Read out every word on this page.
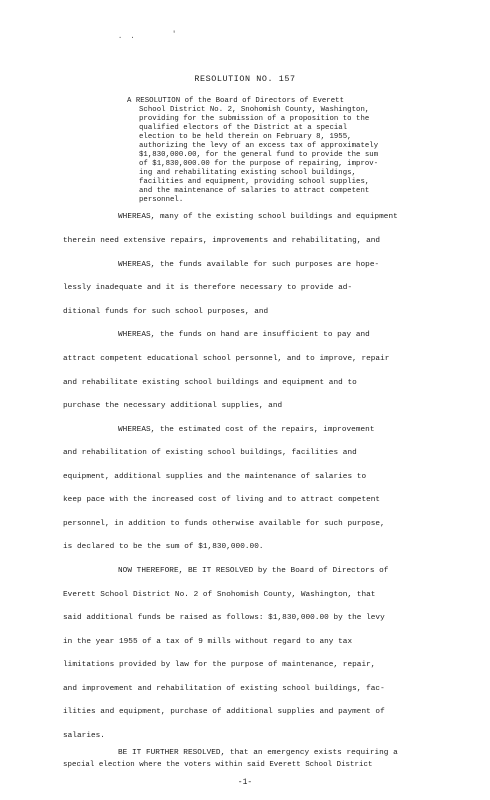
. .	'
RESOLUTION NO. 157
A RESOLUTION of the Board of Directors of Everett
School District No. 2, Snohomish County, Washington,
providing for the submission of a proposition to the
qualified electors of the District at a special
election to be held therein on February 8, 1955,
authorizing the levy of an excess tax of approximately
$1,830,000.00, for the general fund to provide the sum
of $1,830,000.00 for the purpose of repairing, improv-
ing and rehabilitating existing school buildings,
facilities and equipment, providing school supplies,
and the maintenance of salaries to attract competent
personnel.
WHEREAS, many of the existing school buildings and equipment
therein need extensive repairs, improvements and rehabilitating, and
WHEREAS, the funds available for such purposes are hope-
lessly inadequate and it is therefore necessary to provide ad-
ditional funds for such school purposes, and
WHEREAS, the funds on hand are insufficient to pay and
attract competent educational school personnel, and to improve, repair
and rehabilitate existing school buildings and equipment and to
purchase the necessary additional supplies, and
WHEREAS, the estimated cost of the repairs, improvement
and rehabilitation of existing school buildings, facilities and
equipment, additional supplies and the maintenance of salaries to
keep pace with the increased cost of living and to attract competent
personnel, in addition to funds otherwise available for such purpose,
is declared to be the sum of $1,830,000.00.
NOW THEREFORE, BE IT RESOLVED by the Board of Directors of
Everett School District No. 2 of Snohomish County, Washington, that
said additional funds be raised as follows: $1,830,000.00 by the levy
in the year 1955 of a tax of 9 mills without regard to any tax
limitations provided by law for the purpose of maintenance, repair,
and improvement and rehabilitation of existing school buildings, fac-
ilities and equipment, purchase of additional supplies and payment of
salaries.
BE IT FURTHER RESOLVED, that an emergency exists requiring a
-1-
special election where the voters within said Everett School District
